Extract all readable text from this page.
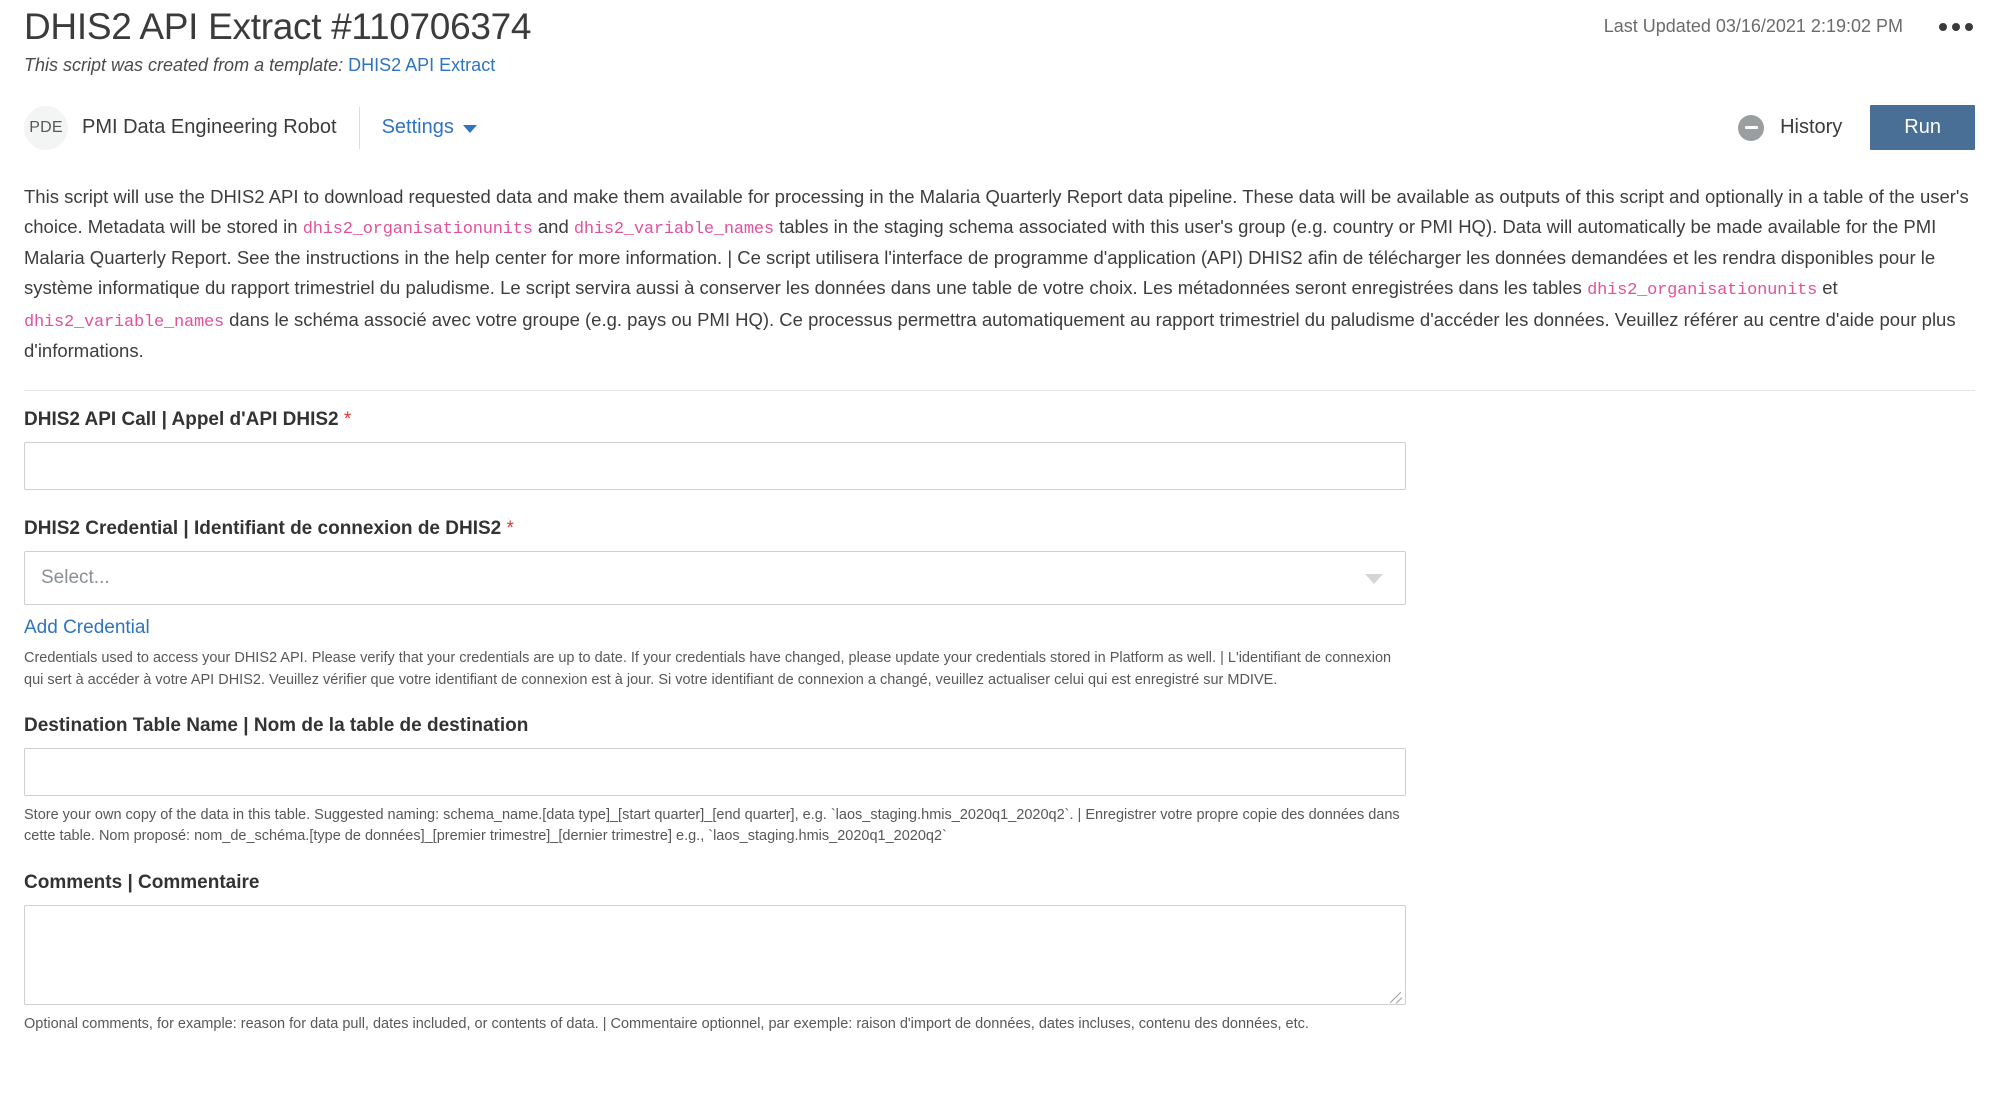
DHIS2 API Extract #110706374	Last Updated 03/16/2021 2:19:02 PM
This script was created from a template: DHIS2 API Extract
PDE PMI Data Engineering Robot Settings	History	Run
This script will use the DHIS2 API to download requested data and make them available for processing in the Malaria Quarterly Report data pipeline. These data will be available as outputs of this script and optionally in a table of the user's choice. Metadata will be stored in dhis2_organisationunits and dhis2_variable_names tables in the staging schema associated with this user's group (e.g. country or PMI HQ). Data will automatically be made available for the PMI Malaria Quarterly Report. See the instructions in the help center for more information. | Ce script utilisera l'interface de programme d'application (API) DHIS2 afin de télécharger les données demandées et les rendra disponibles pour le système informatique du rapport trimestriel du paludisme. Le script servira aussi à conserver les données dans une table de votre choix. Les métadonnées seront enregistrées dans les tables dhis2_organisationunits et dhis2_variable_names dans le schéma associé avec votre groupe (e.g. pays ou PMI HQ). Ce processus permettra automatiquement au rapport trimestriel du paludisme d'accéder les données. Veuillez référer au centre d'aide pour plus d'informations.
DHIS2 API Call | Appel d'API DHIS2 *
DHIS2 Credential | Identifiant de connexion de DHIS2 *
Select...
Add Credential
Credentials used to access your DHIS2 API. Please verify that your credentials are up to date. If your credentials have changed, please update your credentials stored in Platform as well. | L'identifiant de connexion qui sert à accéder à votre API DHIS2. Veuillez vérifier que votre identifiant de connexion est à jour. Si votre identifiant de connexion a changé, veuillez actualiser celui qui est enregistré sur MDIVE.
Destination Table Name | Nom de la table de destination
Store your own copy of the data in this table. Suggested naming: schema_name.[data type]_[start quarter]_[end quarter], e.g. `laos_staging.hmis_2020q1_2020q2`. | Enregistrer votre propre copie des données dans cette table. Nom proposé: nom_de_schéma.[type de données]_[premier trimestre]_[dernier trimestre] e.g., `laos_staging.hmis_2020q1_2020q2`
Comments | Commentaire
Optional comments, for example: reason for data pull, dates included, or contents of data. | Commentaire optionnel, par exemple: raison d'import de données, dates incluses, contenu des données, etc.
